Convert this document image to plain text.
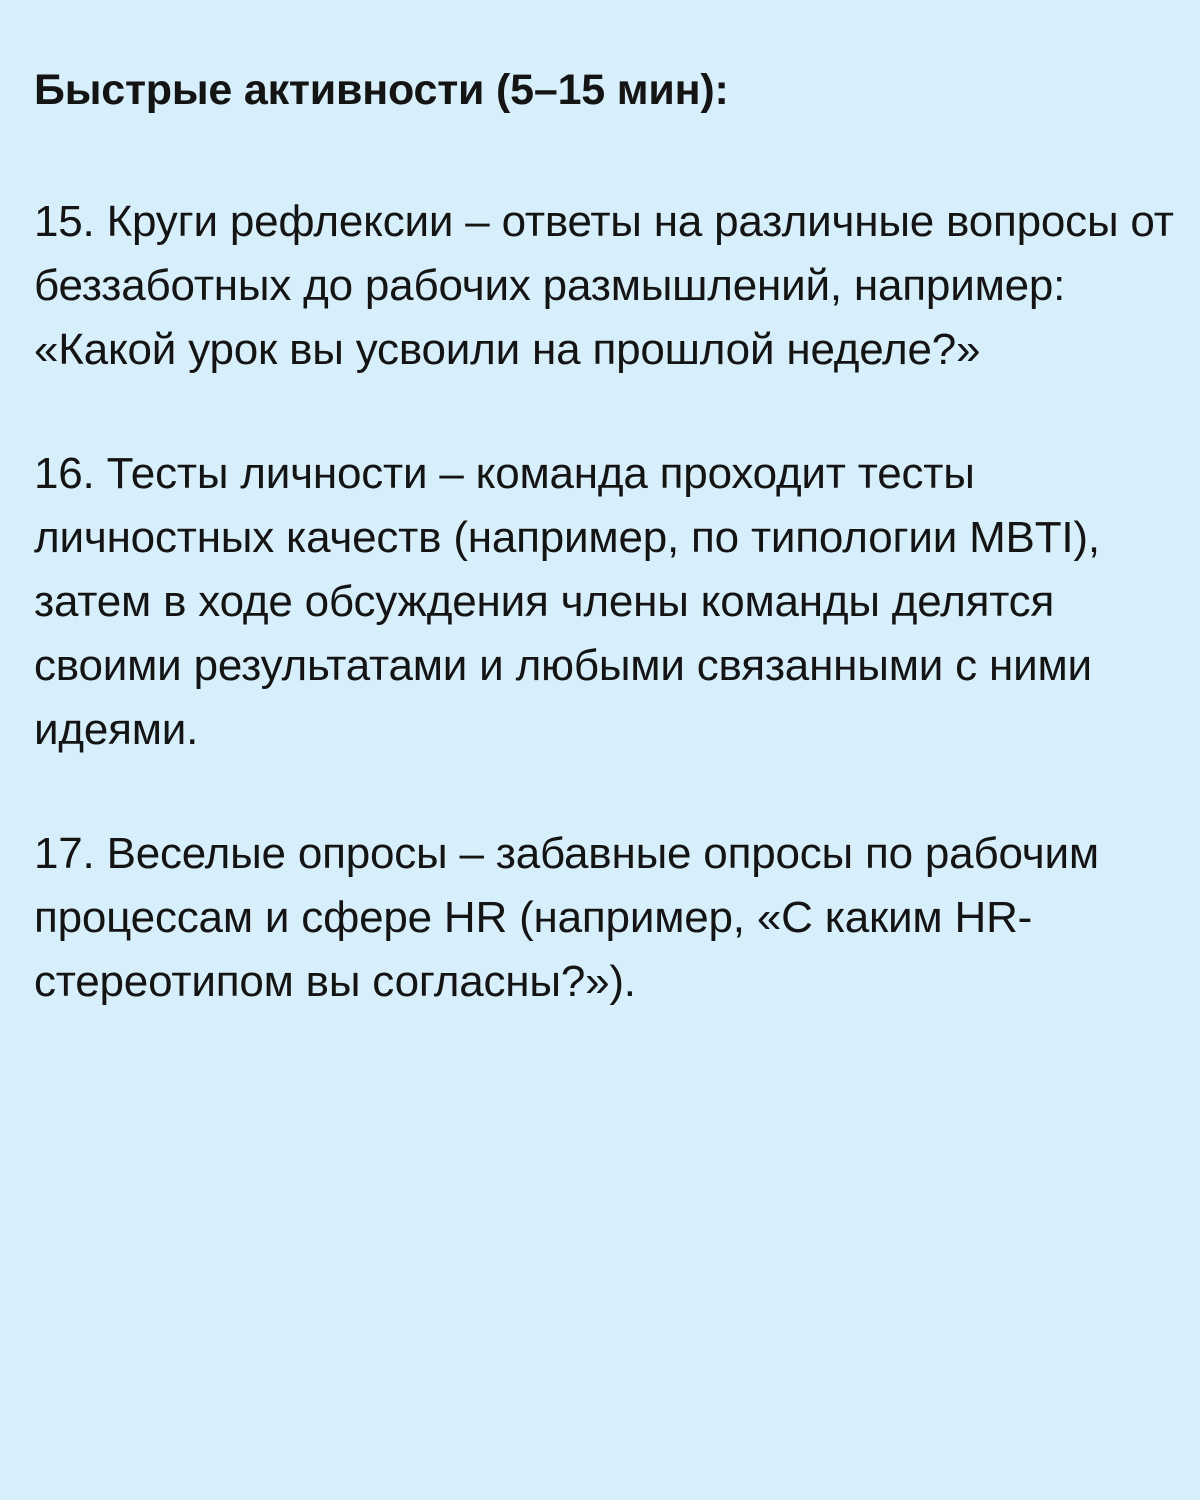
Быстрые активности (5–15 мин):

15. Круги рефлексии – ответы на различные вопросы от беззаботных до рабочих размышлений, например: «Какой урок вы усвоили на прошлой неделе?»

16. Тесты личности – команда проходит тесты личностных качеств (например, по типологии MBTI), затем в ходе обсуждения члены команды делятся своими результатами и любыми связанными с ними идеями.

17. Веселые опросы – забавные опросы по рабочим процессам и сфере HR (например, «С каким HR-стереотипом вы согласны?»).
